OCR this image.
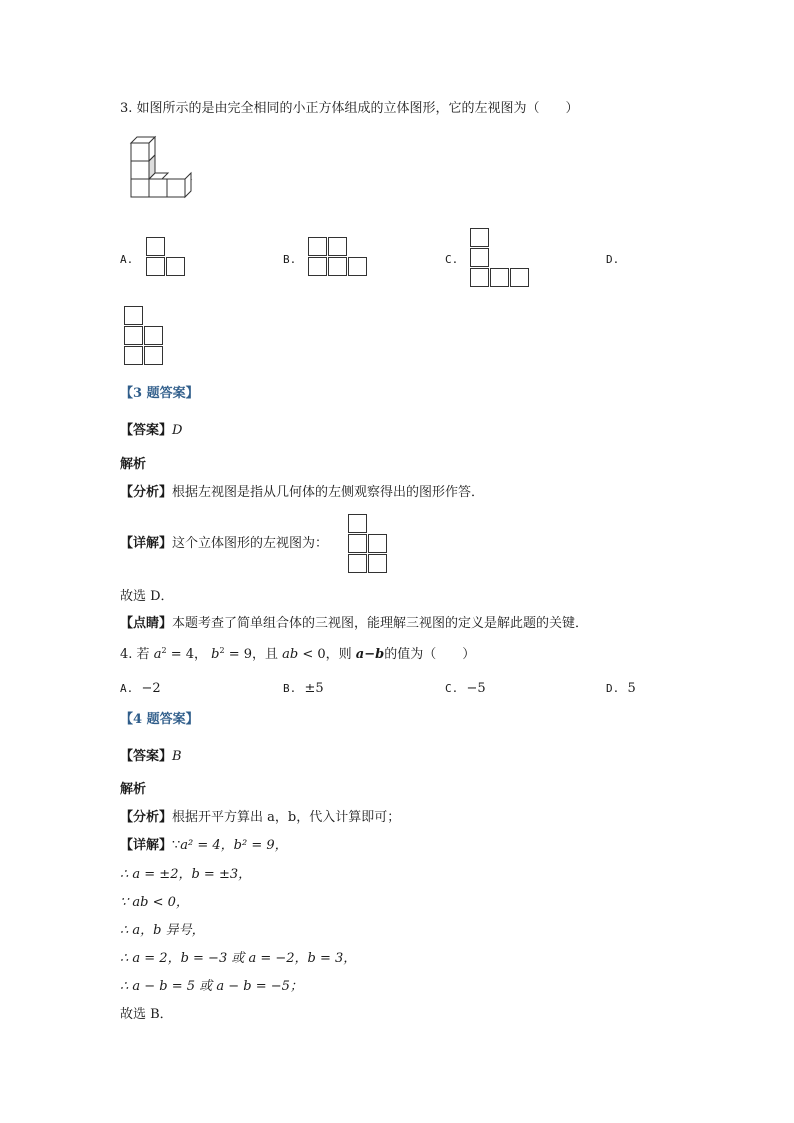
3. 如图所示的是由完全相同的小正方体组成的立体图形，它的左视图为（　　）
A.	B.	C.	D.
【3 题答案】
【答案】D
解析
【分析】根据左视图是指从几何体的左侧观察得出的图形作答．
【详解】这个立体图形的左视图为：
故选 D．
【点睛】本题考查了简单组合体的三视图，能理解三视图的定义是解此题的关键．
4. 若 $a^2 = 4$， $b^2 = 9$，且 ab < 0，则 a−b的值为（　　）
A. −2	B. ±5	C. −5	D. 5
【4 题答案】
【答案】B
解析
【分析】根据开平方算出 a，b，代入计算即可；
【详解】∵a² = 4，b² = 9，
∴ a = ±2，b = ±3，
∵ ab < 0，
∴ a，b 异号，
∴ a = 2，b = −3 或 a = −2，b = 3，
∴ a − b = 5 或 a − b = −5；
故选 B．
